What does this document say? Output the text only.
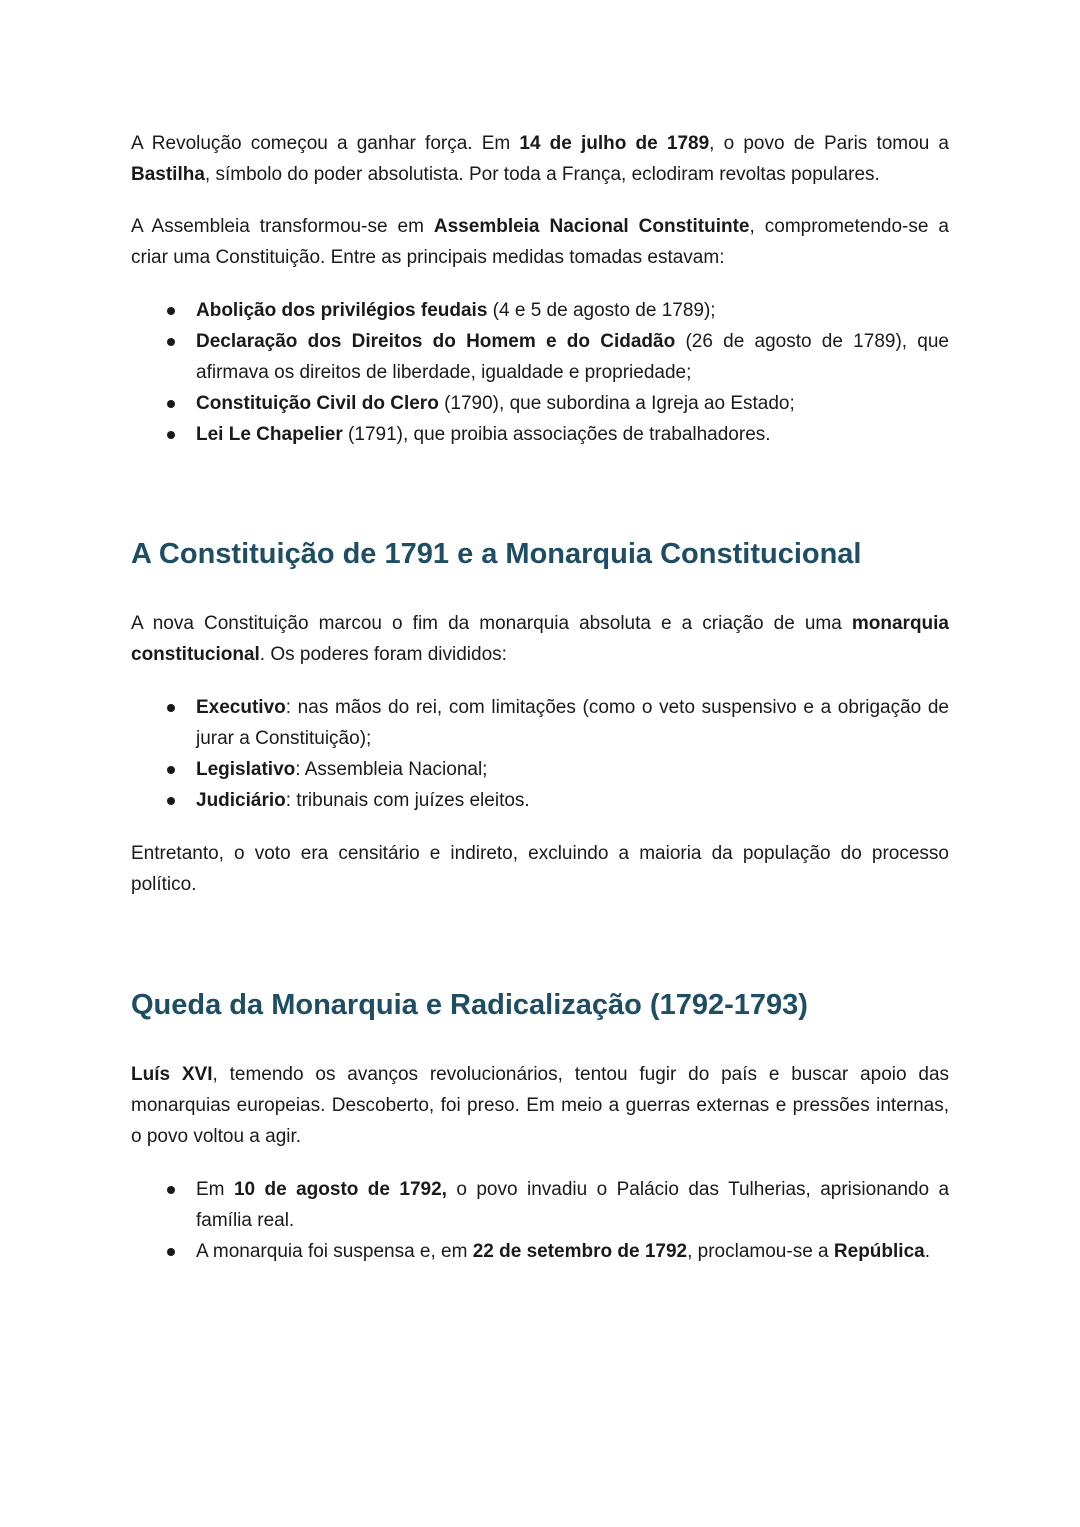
A Revolução começou a ganhar força. Em 14 de julho de 1789, o povo de Paris tomou a Bastilha, símbolo do poder absolutista. Por toda a França, eclodiram revoltas populares.

A Assembleia transformou-se em Assembleia Nacional Constituinte, comprometendo-se a criar uma Constituição. Entre as principais medidas tomadas estavam:

Abolição dos privilégios feudais (4 e 5 de agosto de 1789);
Declaração dos Direitos do Homem e do Cidadão (26 de agosto de 1789), que afirmava os direitos de liberdade, igualdade e propriedade;
Constituição Civil do Clero (1790), que subordina a Igreja ao Estado;
Lei Le Chapelier (1791), que proibia associações de trabalhadores.
A Constituição de 1791 e a Monarquia Constitucional

A nova Constituição marcou o fim da monarquia absoluta e a criação de uma monarquia constitucional. Os poderes foram divididos:

Executivo: nas mãos do rei, com limitações (como o veto suspensivo e a obrigação de jurar a Constituição);
Legislativo: Assembleia Nacional;
Judiciário: tribunais com juízes eleitos.

Entretanto, o voto era censitário e indireto, excluindo a maioria da população do processo político.

Queda da Monarquia e Radicalização (1792-1793)

Luís XVI, temendo os avanços revolucionários, tentou fugir do país e buscar apoio das monarquias europeias. Descoberto, foi preso. Em meio a guerras externas e pressões internas, o povo voltou a agir.

Em 10 de agosto de 1792, o povo invadiu o Palácio das Tulherias, aprisionando a família real.
A monarquia foi suspensa e, em 22 de setembro de 1792, proclamou-se a República.
